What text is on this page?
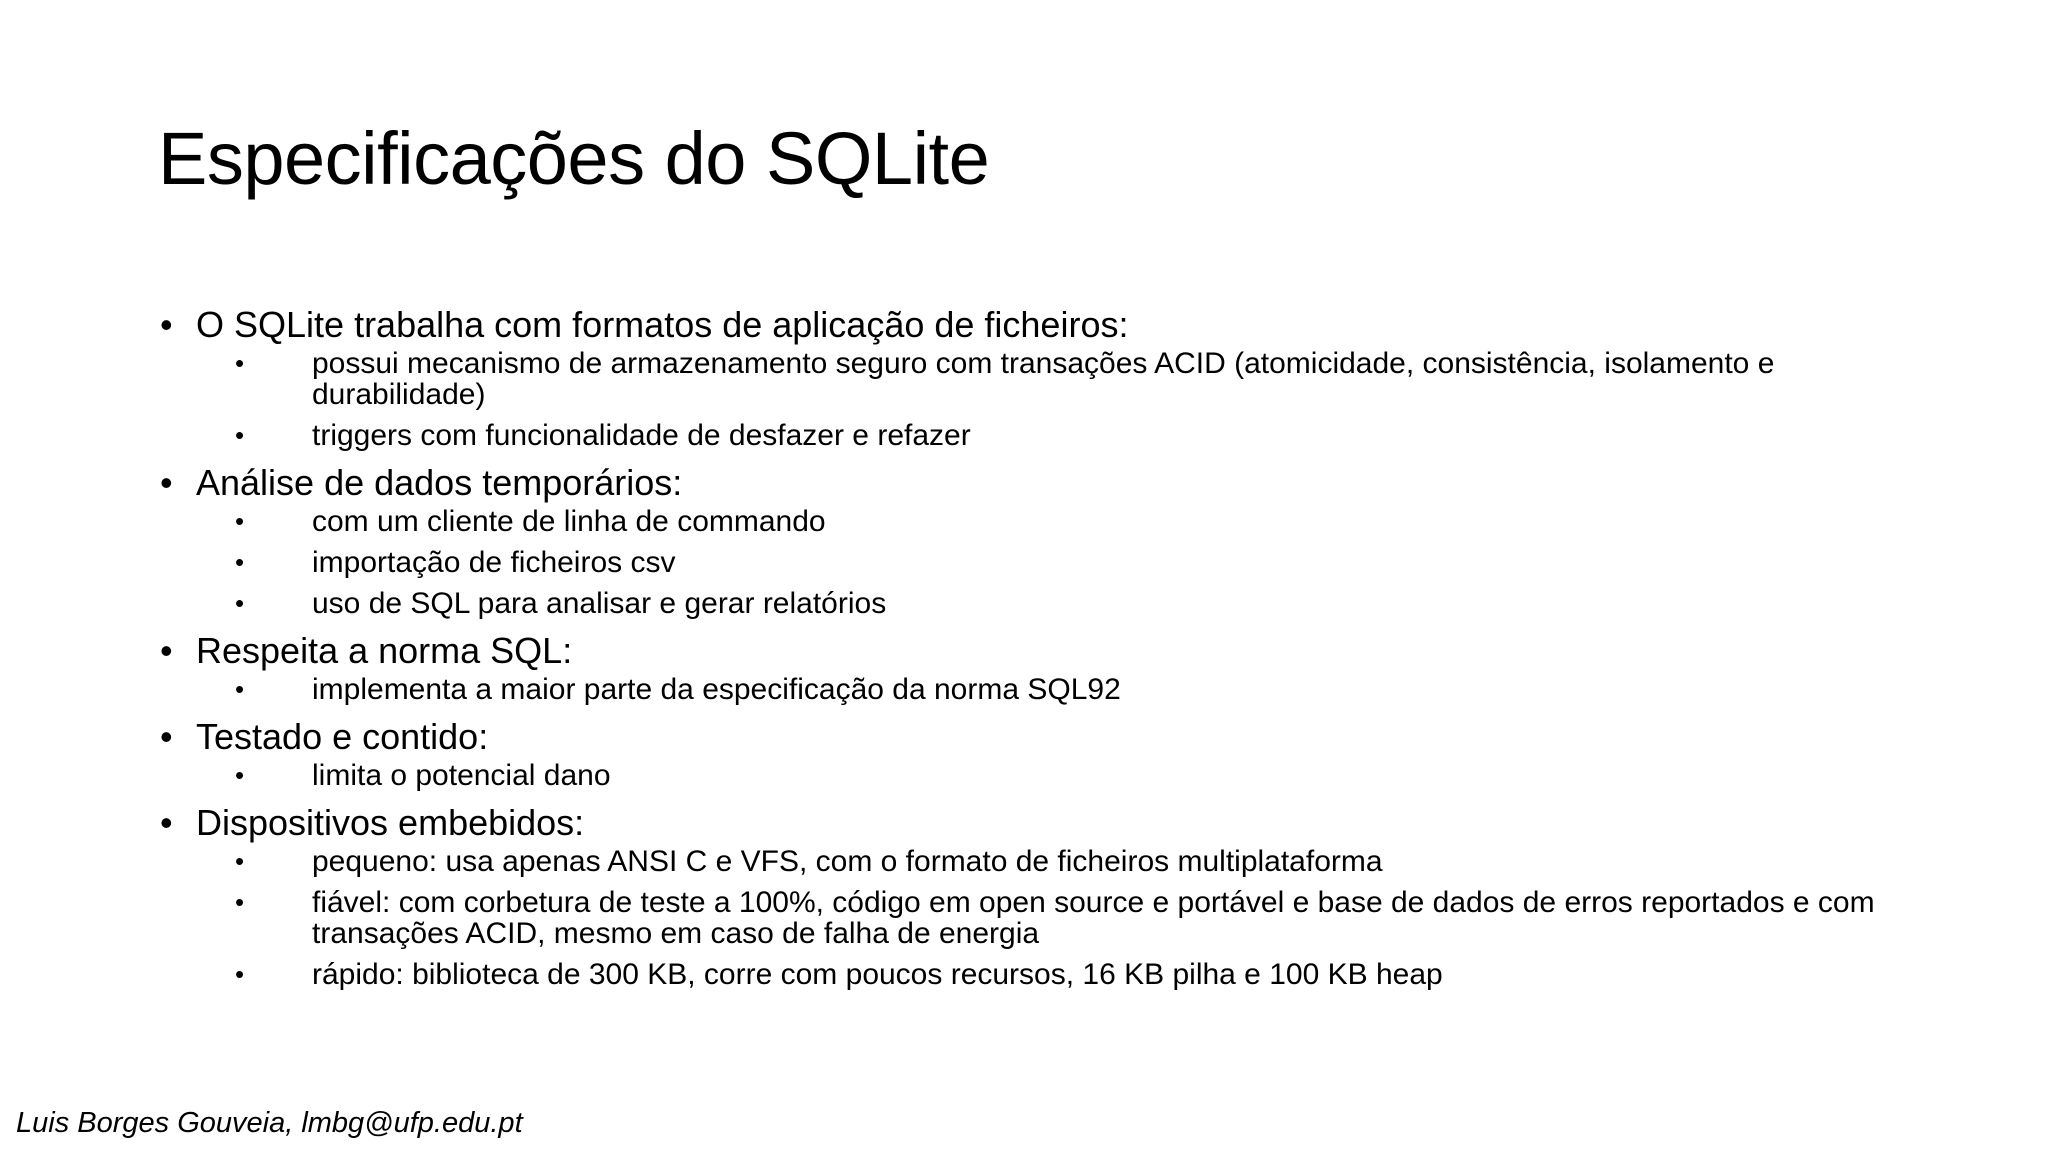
Especificações do SQLite
• O SQLite trabalha com formatos de aplicação de ficheiros:
• possui mecanismo de armazenamento seguro com transações ACID (atomicidade, consistência, isolamento e durabilidade)
• triggers com funcionalidade de desfazer e refazer
• Análise de dados temporários:
• com um cliente de linha de commando
• importação de ficheiros csv
• uso de SQL para analisar e gerar relatórios
• Respeita a norma SQL:
• implementa a maior parte da especificação da norma SQL92
• Testado e contido:
• limita o potencial dano
• Dispositivos embebidos:
• pequeno: usa apenas ANSI C e VFS, com o formato de ficheiros multiplataforma
• fiável: com corbetura de teste a 100%, código em open source e portável e base de dados de erros reportados e com transações ACID, mesmo em caso de falha de energia
• rápido: biblioteca de 300 KB, corre com poucos recursos, 16 KB pilha e 100 KB heap
Luis Borges Gouveia, lmbg@ufp.edu.pt
